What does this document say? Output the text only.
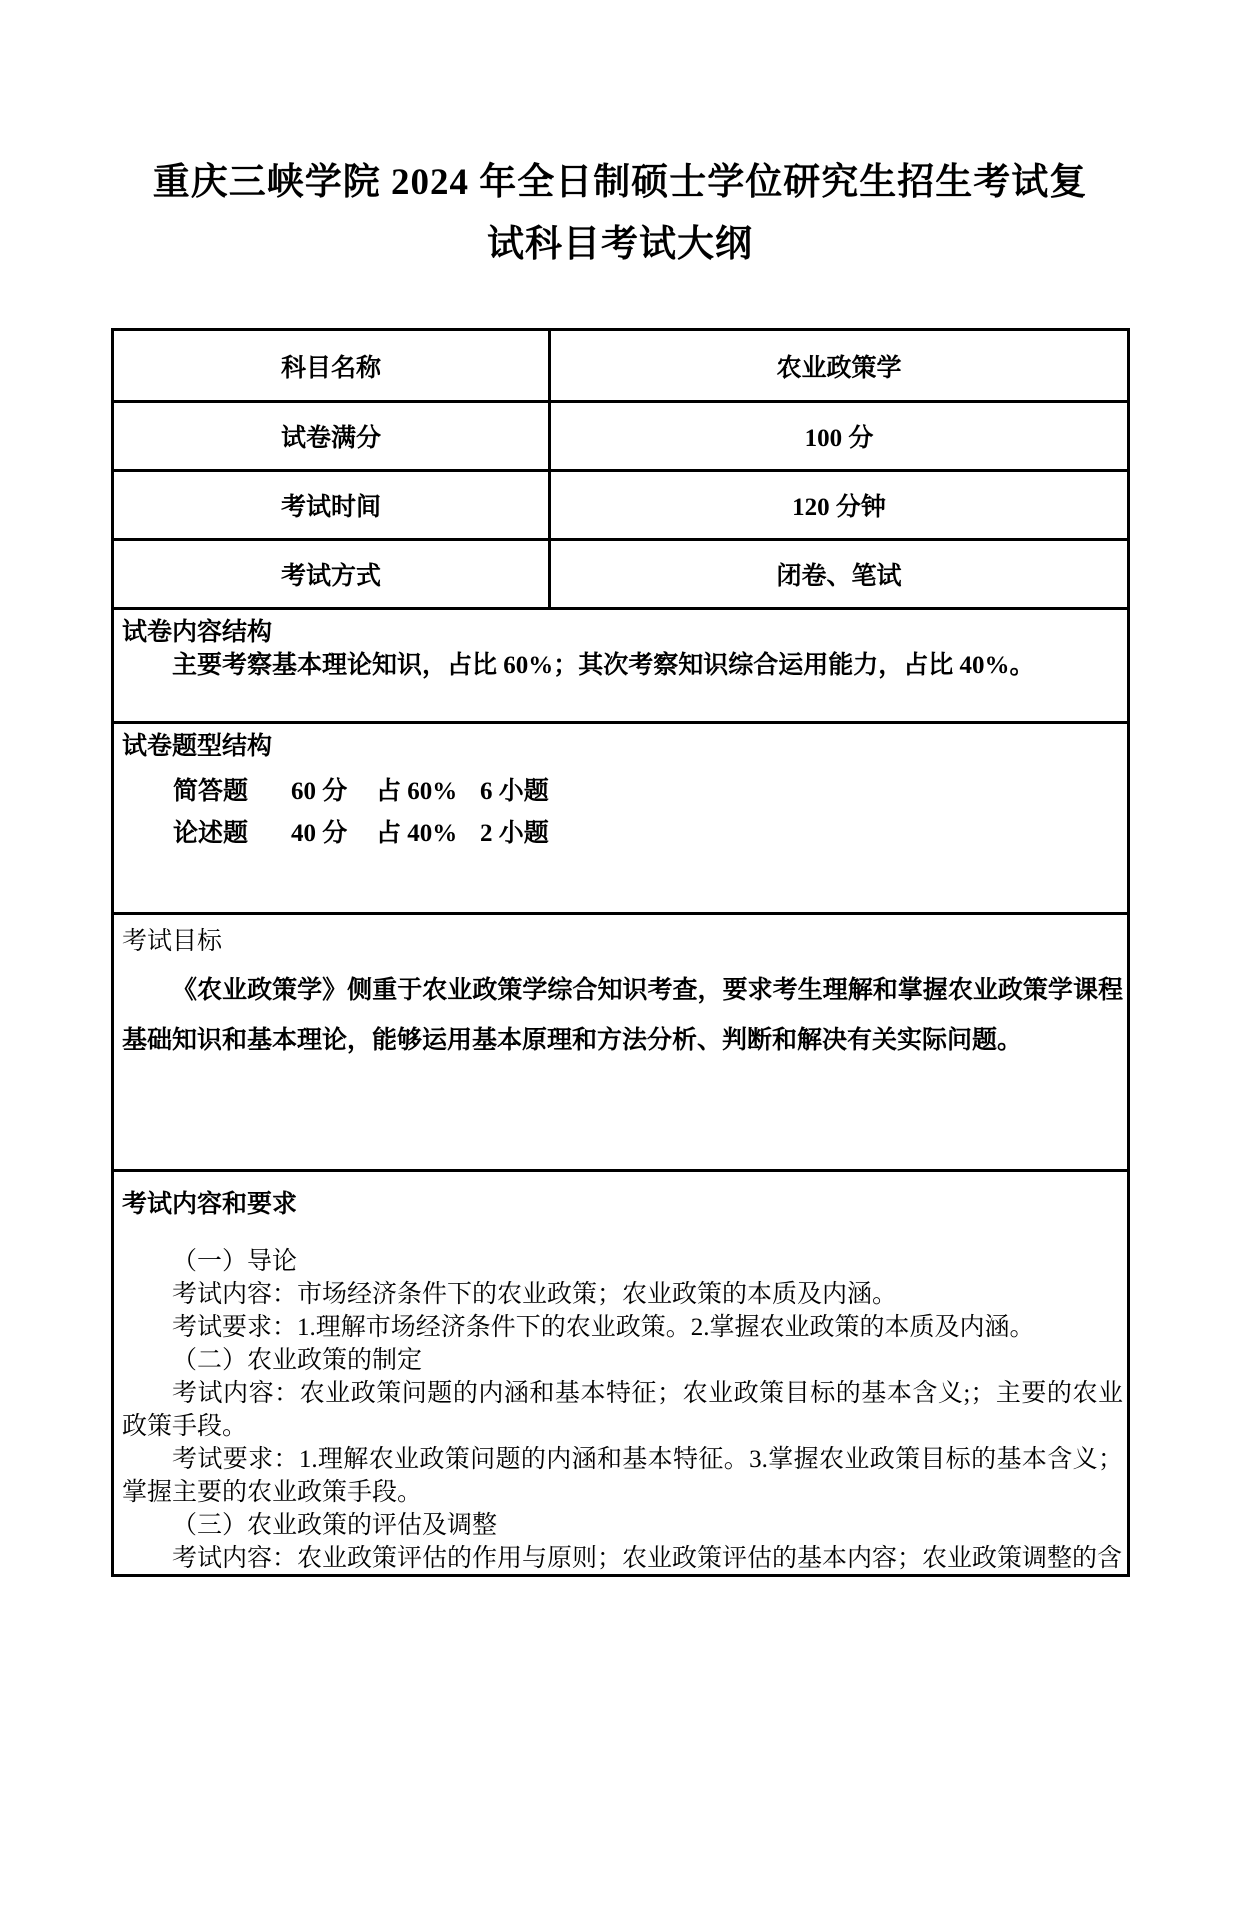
重庆三峡学院 2024 年全日制硕士学位研究生招生考试复
试科目考试大纲
科目名称	农业政策学
试卷满分	100 分
考试时间	120 分钟
考试方式	闭卷、笔试
试卷内容结构
主要考察基本理论知识，占比 60%；其次考察知识综合运用能力，占比 40%。
试卷题型结构
简答题	60 分	占 60% 6 小题
论述题	40 分	占 40% 2 小题
考试目标
《农业政策学》侧重于农业政策学综合知识考查，要求考生理解和掌握农业政策学课程基础知识和基本理论，能够运用基本原理和方法分析、判断和解决有关实际问题。
考试内容和要求
（一）导论
考试内容：市场经济条件下的农业政策；农业政策的本质及内涵。
考试要求：1.理解市场经济条件下的农业政策。2.掌握农业政策的本质及内涵。
（二）农业政策的制定
考试内容：农业政策问题的内涵和基本特征；农业政策目标的基本含义;；主要的农业政策手段。
考试要求：1.理解农业政策问题的内涵和基本特征。3.掌握农业政策目标的基本含义；掌握主要的农业政策手段。
（三）农业政策的评估及调整
考试内容：农业政策评估的作用与原则；农业政策评估的基本内容；农业政策调整的含
